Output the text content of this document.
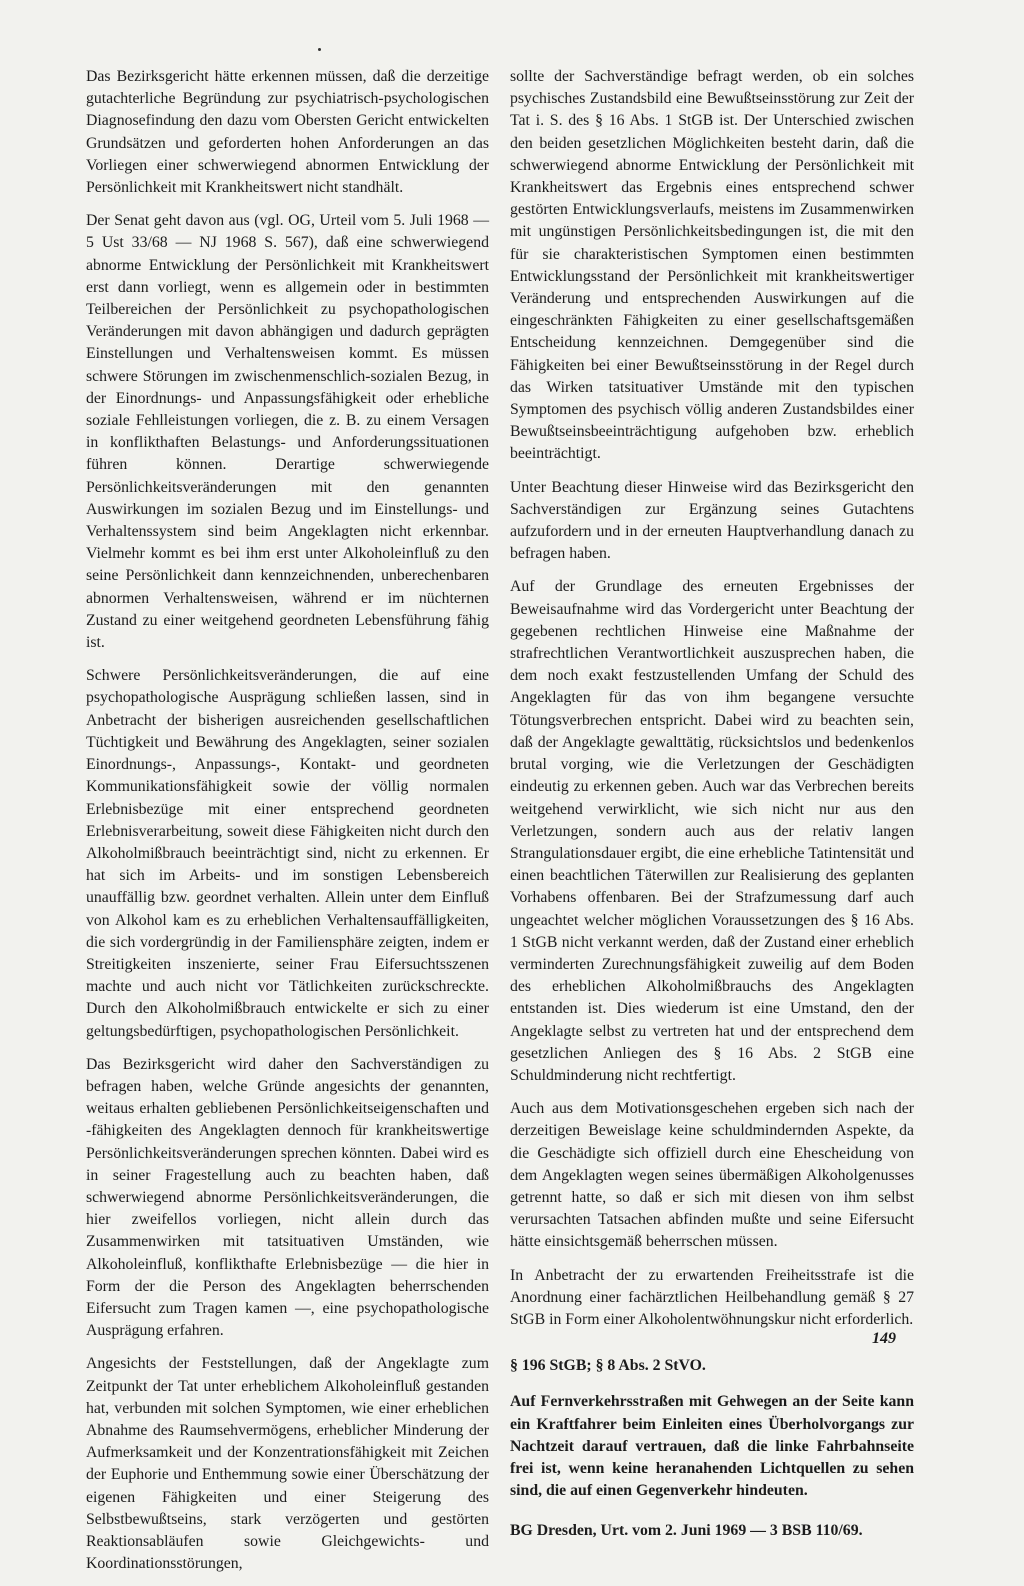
Das Bezirksgericht hätte erkennen müssen, daß die derzeitige gutachterliche Begründung zur psychiatrisch-psychologischen Diagnosefindung den dazu vom Obersten Gericht entwickelten Grundsätzen und geforderten hohen Anforderungen an das Vorliegen einer schwerwiegend abnormen Entwicklung der Persönlichkeit mit Krankheitswert nicht standhält.

Der Senat geht davon aus (vgl. OG, Urteil vom 5. Juli 1968 — 5 Ust 33/68 — NJ 1968 S. 567), daß eine schwerwiegend abnorme Entwicklung der Persönlichkeit mit Krankheitswert erst dann vorliegt, wenn es allgemein oder in bestimmten Teilbereichen der Persönlichkeit zu psychopathologischen Veränderungen mit davon abhängigen und dadurch geprägten Einstellungen und Verhaltensweisen kommt. Es müssen schwere Störungen im zwischenmenschlich-sozialen Bezug, in der Einordnungs- und Anpassungsfähigkeit oder erhebliche soziale Fehlleistungen vorliegen, die z. B. zu einem Versagen in konflikthaften Belastungs- und Anforderungssituationen führen können. Derartige schwerwiegende Persönlichkeitsveränderungen mit den genannten Auswirkungen im sozialen Bezug und im Einstellungs- und Verhaltenssystem sind beim Angeklagten nicht erkennbar. Vielmehr kommt es bei ihm erst unter Alkoholeinfluß zu den seine Persönlichkeit dann kennzeichnenden, unberechenbaren abnormen Verhaltensweisen, während er im nüchternen Zustand zu einer weitgehend geordneten Lebensführung fähig ist.

Schwere Persönlichkeitsveränderungen, die auf eine psychopathologische Ausprägung schließen lassen, sind in Anbetracht der bisherigen ausreichenden gesellschaftlichen Tüchtigkeit und Bewährung des Angeklagten, seiner sozialen Einordnungs-, Anpassungs-, Kontakt- und geordneten Kommunikationsfähigkeit sowie der völlig normalen Erlebnisbezüge mit einer entsprechend geordneten Erlebnisverarbeitung, soweit diese Fähigkeiten nicht durch den Alkoholmißbrauch beeinträchtigt sind, nicht zu erkennen. Er hat sich im Arbeits- und im sonstigen Lebensbereich unauffällig bzw. geordnet verhalten. Allein unter dem Einfluß von Alkohol kam es zu erheblichen Verhaltensauffälligkeiten, die sich vordergründig in der Familiensphäre zeigten, indem er Streitigkeiten inszenierte, seiner Frau Eifersuchtsszenen machte und auch nicht vor Tätlichkeiten zurückschreckte. Durch den Alkoholmißbrauch entwickelte er sich zu einer geltungsbedürftigen, psychopathologischen Persönlichkeit.

Das Bezirksgericht wird daher den Sachverständigen zu befragen haben, welche Gründe angesichts der genannten, weitaus erhalten gebliebenen Persönlichkeitseigenschaften und -fähigkeiten des Angeklagten dennoch für krankheitswertige Persönlichkeitsveränderungen sprechen könnten. Dabei wird es in seiner Fragestellung auch zu beachten haben, daß schwerwiegend abnorme Persönlichkeitsveränderungen, die hier zweifellos vorliegen, nicht allein durch das Zusammenwirken mit tatsituativen Umständen, wie Alkoholeinfluß, konflikthafte Erlebnisbezüge — die hier in Form der die Person des Angeklagten beherrschenden Eifersucht zum Tragen kamen —, eine psychopathologische Ausprägung erfahren.

Angesichts der Feststellungen, daß der Angeklagte zum Zeitpunkt der Tat unter erheblichem Alkoholeinfluß gestanden hat, verbunden mit solchen Symptomen, wie einer erheblichen Abnahme des Raumsehvermögens, erheblicher Minderung der Aufmerksamkeit und der Konzentrationsfähigkeit mit Zeichen der Euphorie und Enthemmung sowie einer Überschätzung der eigenen Fähigkeiten und einer Steigerung des Selbstbewußtseins, stark verzögerten und gestörten Reaktionsabläufen sowie Gleichgewichts- und Koordinationsstörungen,

sollte der Sachverständige befragt werden, ob ein solches psychisches Zustandsbild eine Bewußtseinsstörung zur Zeit der Tat i. S. des § 16 Abs. 1 StGB ist. Der Unterschied zwischen den beiden gesetzlichen Möglichkeiten besteht darin, daß die schwerwiegend abnorme Entwicklung der Persönlichkeit mit Krankheitswert das Ergebnis eines entsprechend schwer gestörten Entwicklungsverlaufs, meistens im Zusammenwirken mit ungünstigen Persönlichkeitsbedingungen ist, die mit den für sie charakteristischen Symptomen einen bestimmten Entwicklungsstand der Persönlichkeit mit krankheitswertiger Veränderung und entsprechenden Auswirkungen auf die eingeschränkten Fähigkeiten zu einer gesellschaftsgemäßen Entscheidung kennzeichnen. Demgegenüber sind die Fähigkeiten bei einer Bewußtseinsstörung in der Regel durch das Wirken tatsituativer Umstände mit den typischen Symptomen des psychisch völlig anderen Zustandsbildes einer Bewußtseinsbeeinträchtigung aufgehoben bzw. erheblich beeinträchtigt.

Unter Beachtung dieser Hinweise wird das Bezirksgericht den Sachverständigen zur Ergänzung seines Gutachtens aufzufordern und in der erneuten Hauptverhandlung danach zu befragen haben.

Auf der Grundlage des erneuten Ergebnisses der Beweisaufnahme wird das Vordergericht unter Beachtung der gegebenen rechtlichen Hinweise eine Maßnahme der strafrechtlichen Verantwortlichkeit auszusprechen haben, die dem noch exakt festzustellenden Umfang der Schuld des Angeklagten für das von ihm begangene versuchte Tötungsverbrechen entspricht. Dabei wird zu beachten sein, daß der Angeklagte gewalttätig, rücksichtslos und bedenkenlos brutal vorging, wie die Verletzungen der Geschädigten eindeutig zu erkennen geben. Auch war das Verbrechen bereits weitgehend verwirklicht, wie sich nicht nur aus den Verletzungen, sondern auch aus der relativ langen Strangulationsdauer ergibt, die eine erhebliche Tatintensität und einen beachtlichen Täterwillen zur Realisierung des geplanten Vorhabens offenbaren. Bei der Strafzumessung darf auch ungeachtet welcher möglichen Voraussetzungen des § 16 Abs. 1 StGB nicht verkannt werden, daß der Zustand einer erheblich verminderten Zurechnungsfähigkeit zuweilig auf dem Boden des erheblichen Alkoholmißbrauchs des Angeklagten entstanden ist. Dies wiederum ist eine Umstand, den der Angeklagte selbst zu vertreten hat und der entsprechend dem gesetzlichen Anliegen des § 16 Abs. 2 StGB eine Schuldminderung nicht rechtfertigt.

Auch aus dem Motivationsgeschehen ergeben sich nach der derzeitigen Beweislage keine schuldmindernden Aspekte, da die Geschädigte sich offiziell durch eine Ehescheidung von dem Angeklagten wegen seines übermäßigen Alkoholgenusses getrennt hatte, so daß er sich mit diesen von ihm selbst verursachten Tatsachen abfinden mußte und seine Eifersucht hätte einsichtsgemäß beherrschen müssen.

In Anbetracht der zu erwartenden Freiheitsstrafe ist die Anordnung einer fachärztlichen Heilbehandlung gemäß § 27 StGB in Form einer Alkoholentwöhnungskur nicht erforderlich.

§ 196 StGB; § 8 Abs. 2 StVO.

Auf Fernverkehrsstraßen mit Gehwegen an der Seite kann ein Kraftfahrer beim Einleiten eines Überholvorgangs zur Nachtzeit darauf vertrauen, daß die linke Fahrbahnseite frei ist, wenn keine heranahenden Lichtquellen zu sehen sind, die auf einen Gegenverkehr hindeuten.

BG Dresden, Urt. vom 2. Juni 1969 — 3 BSB 110/69.

149
